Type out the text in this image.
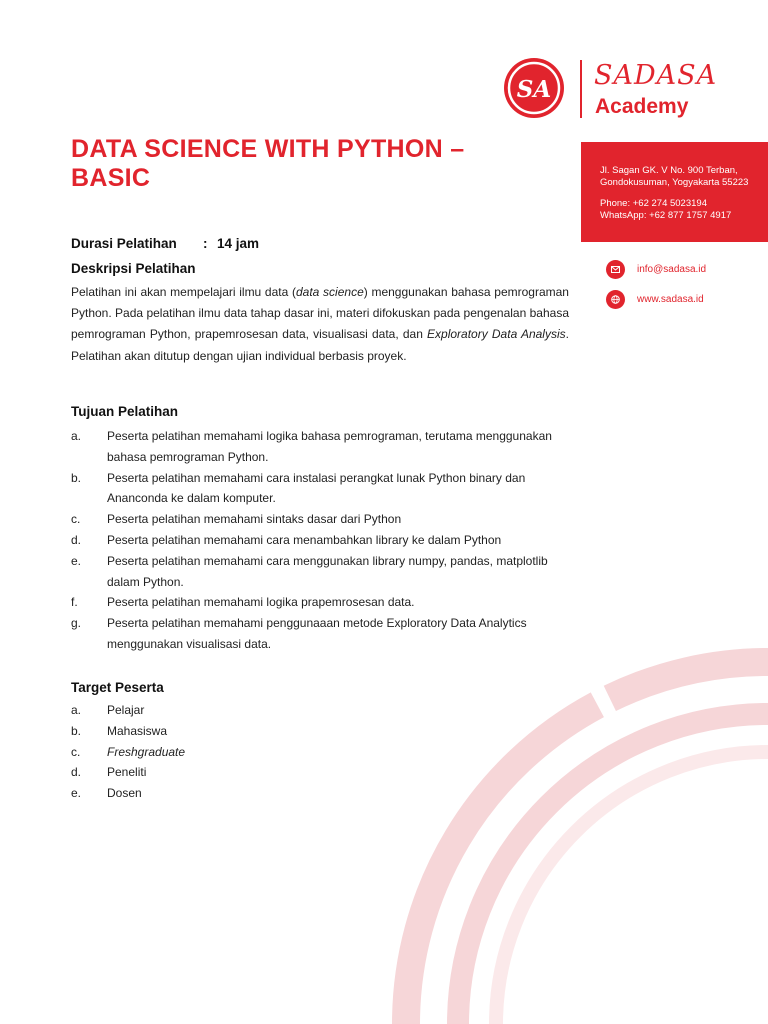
SA SADASA
Academy
Jl. Sagan GK. V No. 900 Terban, Gondokusuman, Yogyakarta 55223
Phone: +62 274 5023194
WhatsApp: +62 877 1757 4917
info@sadasa.id
www.sadasa.id
DATA SCIENCE WITH PYTHON – BASIC
Durasi Pelatihan	: 14 jam
Deskripsi Pelatihan

Pelatihan ini akan mempelajari ilmu data (data science) menggunakan bahasa pemrograman Python. Pada pelatihan ilmu data tahap dasar ini, materi difokuskan pada pengenalan bahasa pemrograman Python, prapemrosesan data, visualisasi data, dan Exploratory Data Analysis. Pelatihan akan ditutup dengan ujian individual berbasis proyek.

Tujuan Pelatihan
a.	Peserta pelatihan memahami logika bahasa pemrograman, terutama menggunakan bahasa pemrograman Python.
b.	Peserta pelatihan memahami cara instalasi perangkat lunak Python binary dan Ananconda ke dalam komputer.
c.	Peserta pelatihan memahami sintaks dasar dari Python
d.	Peserta pelatihan memahami cara menambahkan library ke dalam Python
e.	Peserta pelatihan memahami cara menggunakan library numpy, pandas, matplotlib dalam Python.
f.	Peserta pelatihan memahami logika prapemrosesan data.
g.	Peserta pelatihan memahami penggunaaan metode Exploratory Data Analytics menggunakan visualisasi data.
Target Peserta
a.	Pelajar
b.	Mahasiswa
c.	Freshgraduate
d.	Peneliti
e.	Dosen
